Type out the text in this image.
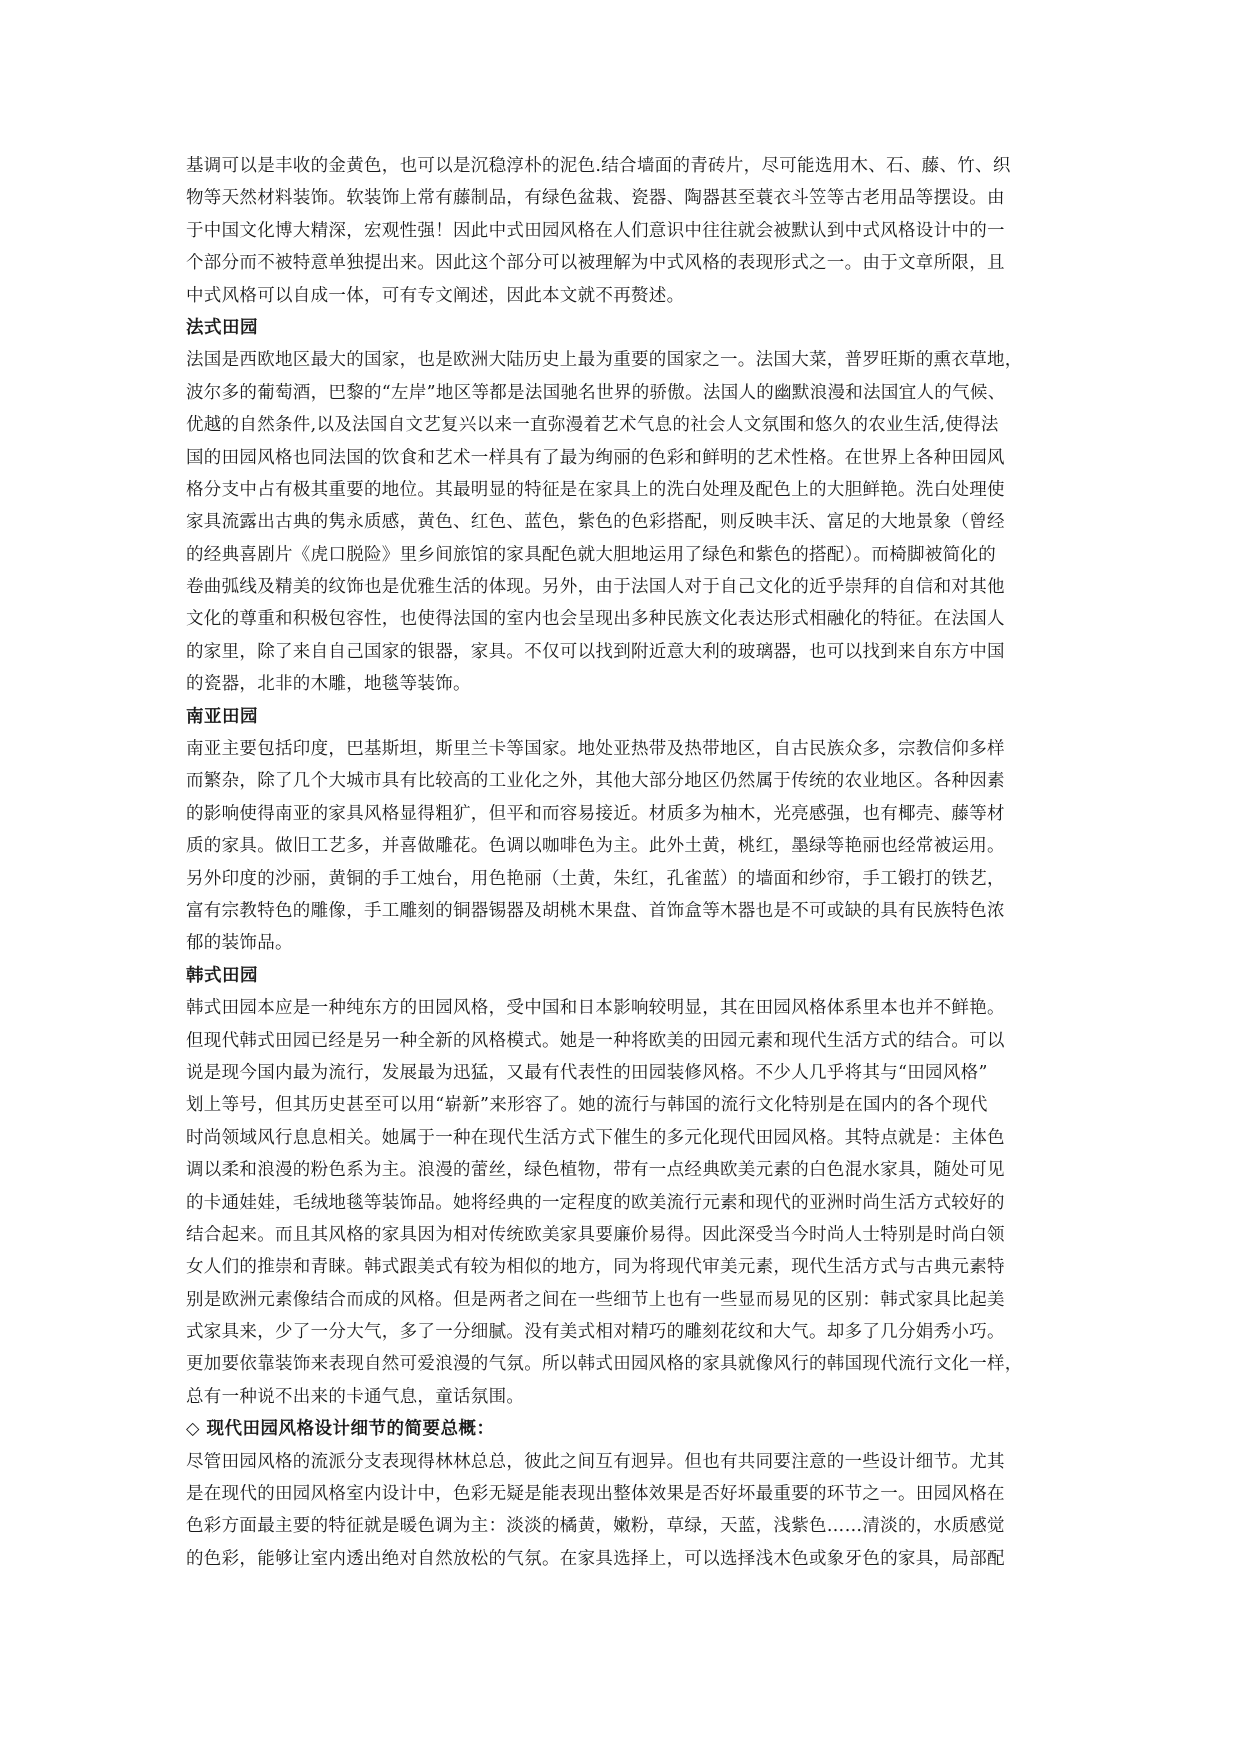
基调可以是丰收的金黄色，也可以是沉稳淳朴的泥色.结合墙面的青砖片，尽可能选用木、石、藤、竹、织
物等天然材料装饰。软装饰上常有藤制品，有绿色盆栽、瓷器、陶器甚至蓑衣斗笠等古老用品等摆设。由
于中国文化博大精深，宏观性强！因此中式田园风格在人们意识中往往就会被默认到中式风格设计中的一
个部分而不被特意单独提出来。因此这个部分可以被理解为中式风格的表现形式之一。由于文章所限，且
中式风格可以自成一体，可有专文阐述，因此本文就不再赘述。
法式田园
法国是西欧地区最大的国家，也是欧洲大陆历史上最为重要的国家之一。法国大菜，普罗旺斯的熏衣草地，
波尔多的葡萄酒，巴黎的“左岸”地区等都是法国驰名世界的骄傲。法国人的幽默浪漫和法国宜人的气候、
优越的自然条件,以及法国自文艺复兴以来一直弥漫着艺术气息的社会人文氛围和悠久的农业生活,使得法
国的田园风格也同法国的饮食和艺术一样具有了最为绚丽的色彩和鲜明的艺术性格。在世界上各种田园风
格分支中占有极其重要的地位。其最明显的特征是在家具上的洗白处理及配色上的大胆鲜艳。洗白处理使
家具流露出古典的隽永质感，黄色、红色、蓝色，紫色的色彩搭配，则反映丰沃、富足的大地景象（曾经
的经典喜剧片《虎口脱险》里乡间旅馆的家具配色就大胆地运用了绿色和紫色的搭配）。而椅脚被简化的
卷曲弧线及精美的纹饰也是优雅生活的体现。另外，由于法国人对于自己文化的近乎崇拜的自信和对其他
文化的尊重和积极包容性，也使得法国的室内也会呈现出多种民族文化表达形式相融化的特征。在法国人
的家里，除了来自自己国家的银器，家具。不仅可以找到附近意大利的玻璃器，也可以找到来自东方中国
的瓷器，北非的木雕，地毯等装饰。
南亚田园
南亚主要包括印度，巴基斯坦，斯里兰卡等国家。地处亚热带及热带地区，自古民族众多，宗教信仰多样
而繁杂，除了几个大城市具有比较高的工业化之外，其他大部分地区仍然属于传统的农业地区。各种因素
的影响使得南亚的家具风格显得粗犷，但平和而容易接近。材质多为柚木，光亮感强，也有椰壳、藤等材
质的家具。做旧工艺多，并喜做雕花。色调以咖啡色为主。此外土黄，桃红，墨绿等艳丽也经常被运用。
另外印度的沙丽，黄铜的手工烛台，用色艳丽（土黄，朱红，孔雀蓝）的墙面和纱帘，手工锻打的铁艺，
富有宗教特色的雕像，手工雕刻的铜器锡器及胡桃木果盘、首饰盒等木器也是不可或缺的具有民族特色浓
郁的装饰品。
韩式田园
韩式田园本应是一种纯东方的田园风格，受中国和日本影响较明显，其在田园风格体系里本也并不鲜艳。
但现代韩式田园已经是另一种全新的风格模式。她是一种将欧美的田园元素和现代生活方式的结合。可以
说是现今国内最为流行，发展最为迅猛，又最有代表性的田园装修风格。不少人几乎将其与“田园风格”
划上等号，但其历史甚至可以用“崭新”来形容了。她的流行与韩国的流行文化特别是在国内的各个现代
时尚领域风行息息相关。她属于一种在现代生活方式下催生的多元化现代田园风格。其特点就是：主体色
调以柔和浪漫的粉色系为主。浪漫的蕾丝，绿色植物，带有一点经典欧美元素的白色混水家具，随处可见
的卡通娃娃，毛绒地毯等装饰品。她将经典的一定程度的欧美流行元素和现代的亚洲时尚生活方式较好的
结合起来。而且其风格的家具因为相对传统欧美家具要廉价易得。因此深受当今时尚人士特别是时尚白领
女人们的推崇和青睐。韩式跟美式有较为相似的地方，同为将现代审美元素，现代生活方式与古典元素特
别是欧洲元素像结合而成的风格。但是两者之间在一些细节上也有一些显而易见的区别：韩式家具比起美
式家具来，少了一分大气，多了一分细腻。没有美式相对精巧的雕刻花纹和大气。却多了几分娟秀小巧。
更加要依靠装饰来表现自然可爱浪漫的气氛。所以韩式田园风格的家具就像风行的韩国现代流行文化一样，
总有一种说不出来的卡通气息，童话氛围。
◇ 现代田园风格设计细节的简要总概：
尽管田园风格的流派分支表现得林林总总，彼此之间互有迥异。但也有共同要注意的一些设计细节。尤其
是在现代的田园风格室内设计中，色彩无疑是能表现出整体效果是否好坏最重要的环节之一。田园风格在
色彩方面最主要的特征就是暖色调为主：淡淡的橘黄，嫩粉，草绿，天蓝，浅紫色……清淡的，水质感觉
的色彩，能够让室内透出绝对自然放松的气氛。在家具选择上，可以选择浅木色或象牙色的家具，局部配
